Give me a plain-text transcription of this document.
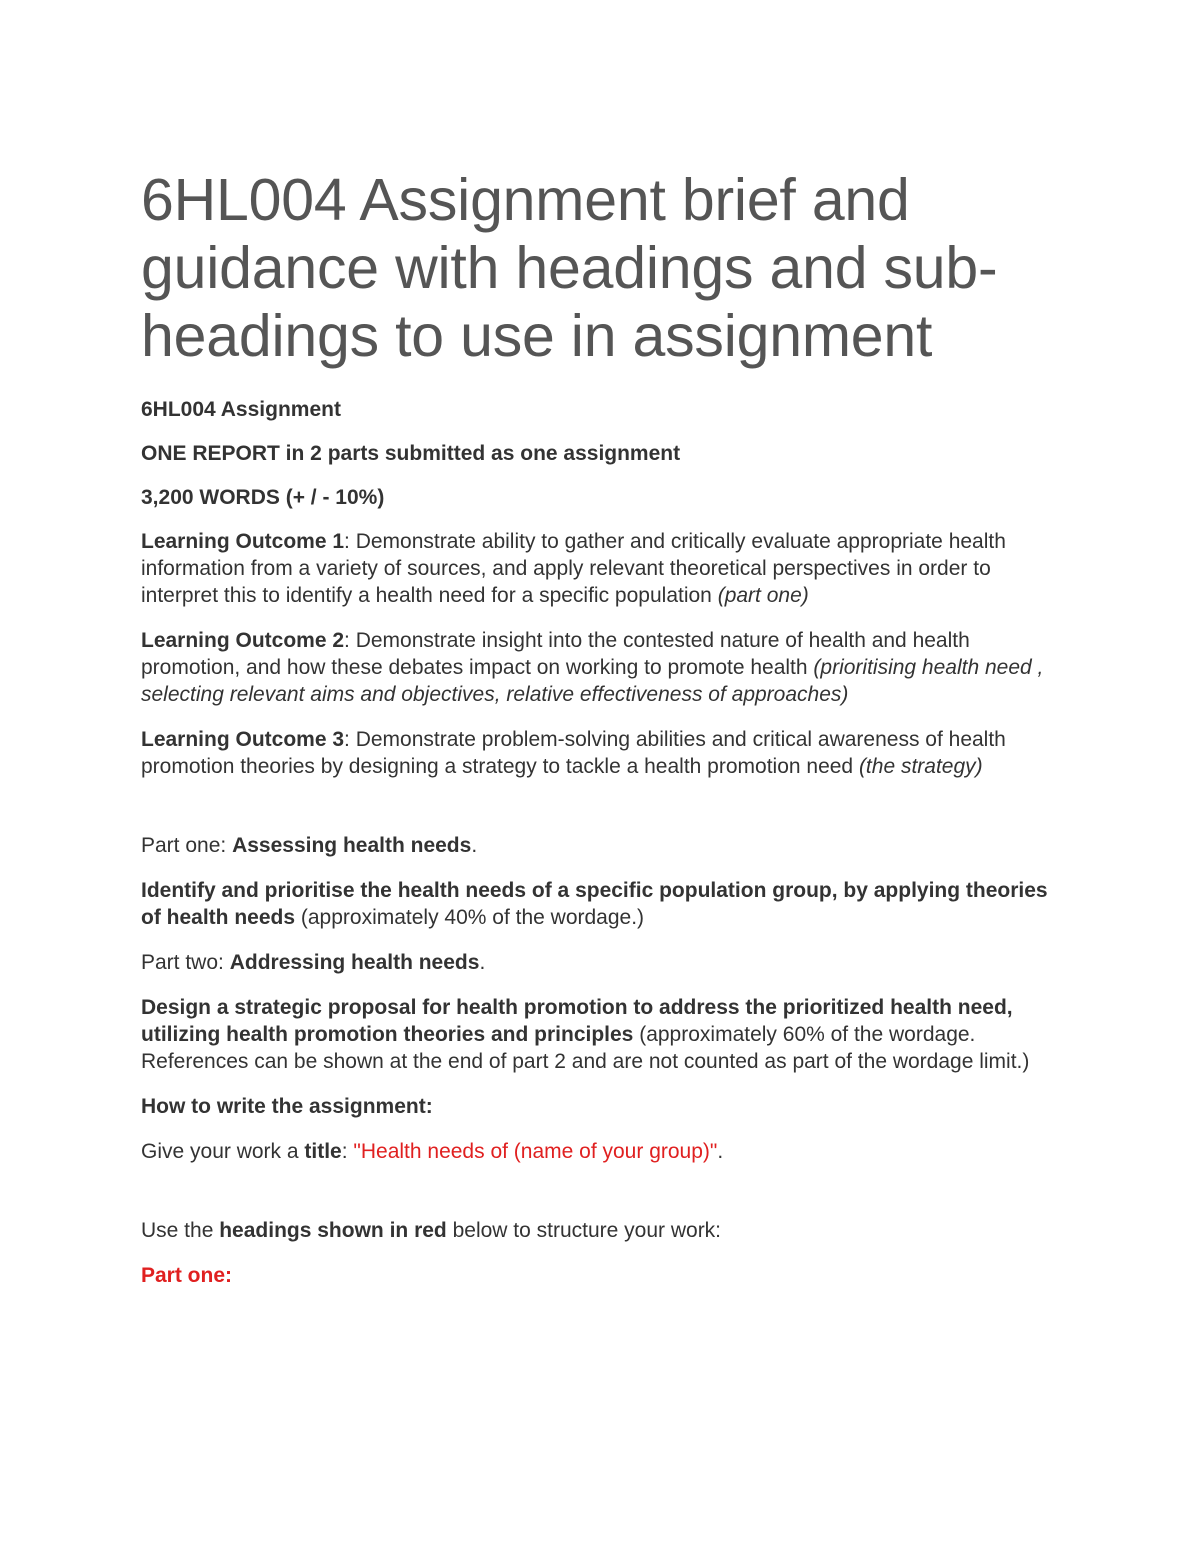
6HL004 Assignment brief and guidance with headings and sub-headings to use in assignment

6HL004 Assignment

ONE REPORT in 2 parts submitted as one assignment

3,200 WORDS (+ / - 10%)

Learning Outcome 1: Demonstrate ability to gather and critically evaluate appropriate health information from a variety of sources, and apply relevant theoretical perspectives in order to interpret this to identify a health need for a specific population (part one)

Learning Outcome 2: Demonstrate insight into the contested nature of health and health promotion, and how these debates impact on working to promote health (prioritising health need , selecting relevant aims and objectives, relative effectiveness of approaches)

Learning Outcome 3: Demonstrate problem-solving abilities and critical awareness of health promotion theories by designing a strategy to tackle a health promotion need (the strategy)

Part one: Assessing health needs.

Identify and prioritise the health needs of a specific population group, by applying theories of health needs (approximately 40% of the wordage.)

Part two: Addressing health needs.

Design a strategic proposal for health promotion to address the prioritized health need, utilizing health promotion theories and principles (approximately 60% of the wordage. References can be shown at the end of part 2 and are not counted as part of the wordage limit.)

How to write the assignment:

Give your work a title: "Health needs of (name of your group)".

Use the headings shown in red below to structure your work:

Part one:
